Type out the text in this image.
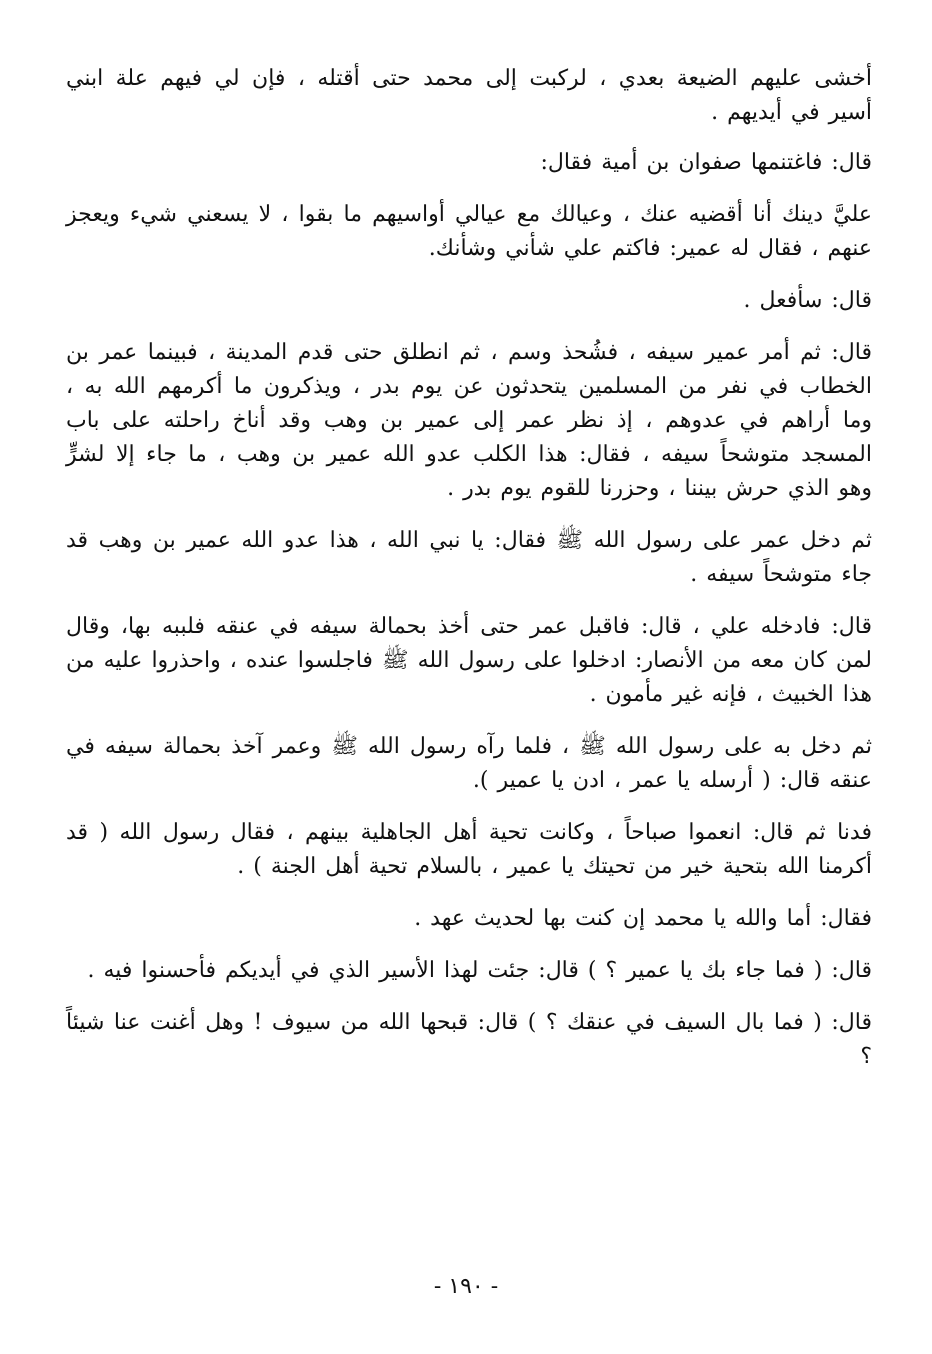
أخشى عليهم الضيعة بعدي ، لركبت إلى محمد حتى أقتله ، فإن لي فيهم علة ابني أسير في أيديهم .

قال: فاغتنمها صفوان بن أمية فقال:

عليَّ دينك أنا أقضيه عنك ، وعيالك مع عيالي أواسيهم ما بقوا ، لا يسعني شيء ويعجز عنهم ، فقال له عمير: فاكتم علي شأني وشأنك.

قال: سأفعل .

قال: ثم أمر عمير سيفه ، فشُحذ وسم ، ثم انطلق حتى قدم المدينة ، فبينما عمر بن الخطاب في نفر من المسلمين يتحدثون عن يوم بدر ، ويذكرون ما أكرمهم الله به ، وما أراهم في عدوهم ، إذ نظر عمر إلى عمير بن وهب وقد أناخ راحلته على باب المسجد متوشحاً سيفه ، فقال: هذا الكلب عدو الله عمير بن وهب ، ما جاء إلا لشرٍّ وهو الذي حرش بيننا ، وحزرنا للقوم يوم بدر .

ثم دخل عمر على رسول الله ﷺ فقال: يا نبي الله ، هذا عدو الله عمير بن وهب قد جاء متوشحاً سيفه .

قال: فادخله علي ، قال: فاقبل عمر حتى أخذ بحمالة سيفه في عنقه فلببه بها، وقال لمن كان معه من الأنصار: ادخلوا على رسول الله ﷺ فاجلسوا عنده ، واحذروا عليه من هذا الخبيث ، فإنه غير مأمون .

ثم دخل به على رسول الله ﷺ ، فلما رآه رسول الله ﷺ وعمر آخذ بحمالة سيفه في عنقه قال: ( أرسله يا عمر ، ادن يا عمير ).

فدنا ثم قال: انعموا صباحاً ، وكانت تحية أهل الجاهلية بينهم ، فقال رسول الله ( قد أكرمنا الله بتحية خير من تحيتك يا عمير ، بالسلام تحية أهل الجنة ) .

فقال: أما والله يا محمد إن كنت بها لحديث عهد .

قال: ( فما جاء بك يا عمير ؟ ) قال: جئت لهذا الأسير الذي في أيديكم فأحسنوا فيه .

قال: ( فما بال السيف في عنقك ؟ ) قال: قبحها الله من سيوف ! وهل أغنت عنا شيئاً ؟

- ١٩٠ -
